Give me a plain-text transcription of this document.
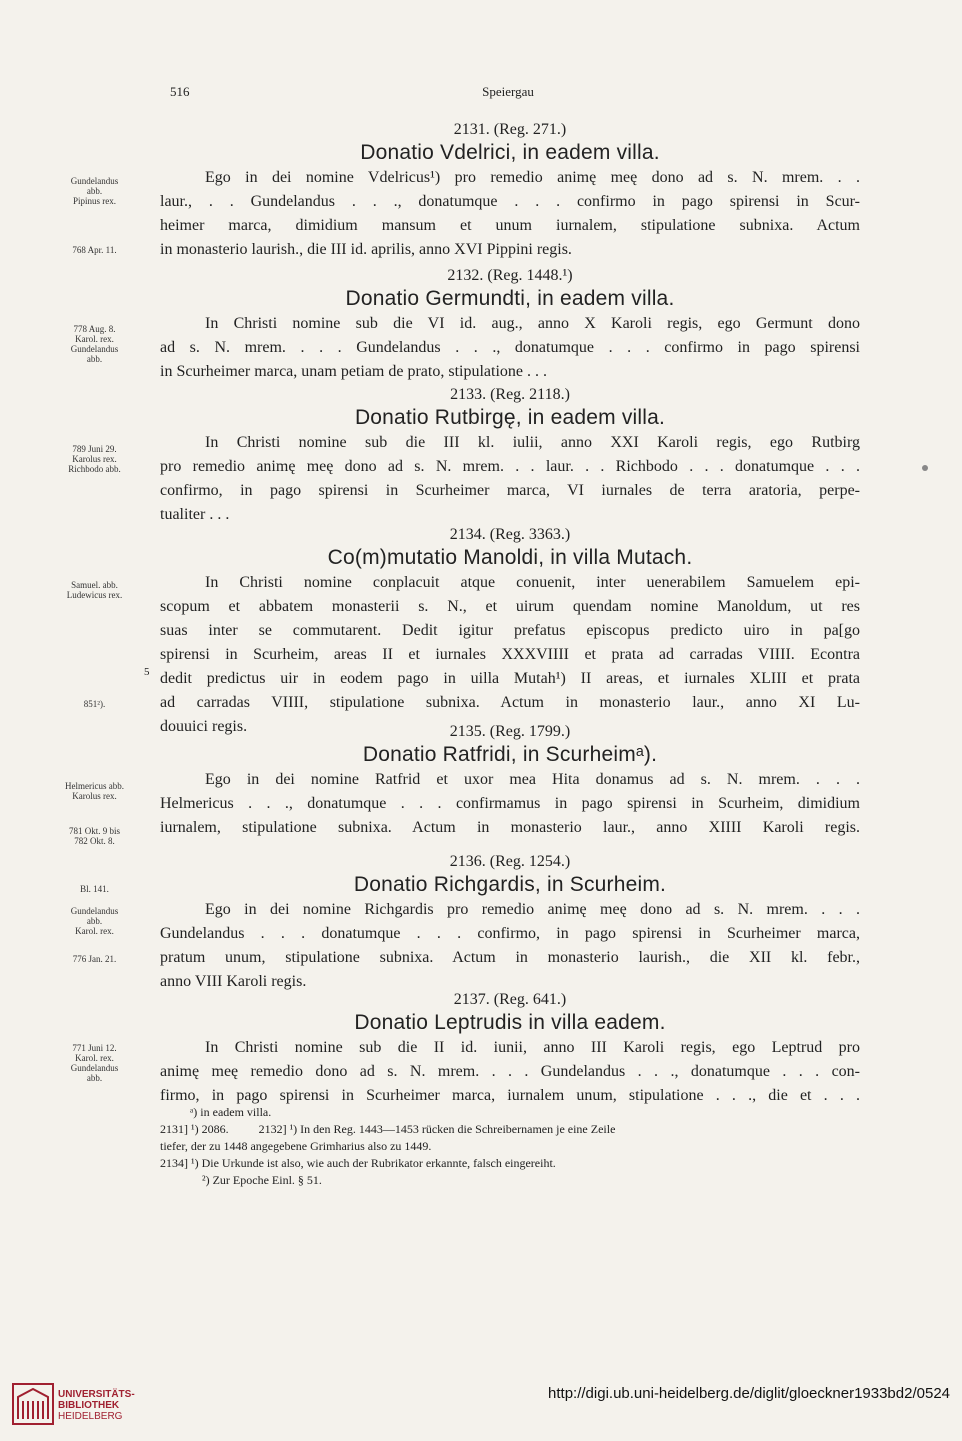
516	Speiergau
2131. (Reg. 271.)
Donatio Vdelrici, in eadem villa.
Ego in dei nomine Vdelricus¹) pro remedio animę meę dono ad s. N. mrem. . .
laur., . . Gundelandus . . ., donatumque . . . confirmo in pago spirensi in Scur-
heimer marca, dimidium mansum et unum iurnalem, stipulatione subnixa. Actum
in monasterio laurish., die III id. aprilis, anno XVI Pippini regis.
Gundelandus
abb.
Pipinus rex.
768 Apr. 11.
2132. (Reg. 1448.¹)
Donatio Germundti, in eadem villa.
In Christi nomine sub die VI id. aug., anno X Karoli regis, ego Germunt dono
ad s. N. mrem. . . . Gundelandus . . ., donatumque . . . confirmo in pago spirensi
in Scurheimer marca, unam petiam de prato, stipulatione . . .
778 Aug. 8.
Karol. rex.
Gundelandus
abb.
2133. (Reg. 2118.)
Donatio Rutbirgę, in eadem villa.
In Christi nomine sub die III kl. iulii, anno XXI Karoli regis, ego Rutbirg
pro remedio animę meę dono ad s. N. mrem. . . laur. . . Richbodo . . . donatumque . . .
confirmo, in pago spirensi in Scurheimer marca, VI iurnales de terra aratoria, perpe-
tualiter . . .
789 Juni 29.
Karolus rex.
Richbodo abb.
2134. (Reg. 3363.)
Co(m)mutatio Manoldi, in villa Mutach.
In Christi nomine conplacuit atque conuenit, inter uenerabilem Samuelem epi-
scopum et abbatem monasterii s. N., et uirum quendam nomine Manoldum, ut res
suas inter se commutarent. Dedit igitur prefatus episcopus predicto uiro in pa[go
spirensi in Scurheim, areas II et iurnales XXXVIIII et prata ad carradas VIIII. Econtra
dedit predictus uir in eodem pago in uilla Mutah¹) II areas, et iurnales XLIII et prata
ad carradas VIIII, stipulatione subnixa. Actum in monasterio laur., anno XI Lu-
douuici regis.
5
Samuel. abb.
Ludewicus rex.
851²).
2135. (Reg. 1799.)
Donatio Ratfridi, in Scurheimᵃ).
Ego in dei nomine Ratfrid et uxor mea Hita donamus ad s. N. mrem. . . .
Helmericus . . ., donatumque . . . confirmamus in pago spirensi in Scurheim, dimidium
iurnalem, stipulatione subnixa. Actum in monasterio laur., anno XIIII Karoli regis.
Helmericus abb.
Karolus rex.
781 Okt. 9 bis
782 Okt. 8.
2136. (Reg. 1254.)
Donatio Richgardis, in Scurheim.
Ego in dei nomine Richgardis pro remedio animę meę dono ad s. N. mrem. . . .
Gundelandus . . . donatumque . . . confirmo, in pago spirensi in Scurheimer marca,
pratum unum, stipulatione subnixa. Actum in monasterio laurish., die XII kl. febr.,
anno VIII Karoli regis.
Bl. 141.
Gundelandus
abb.
Karol. rex.
776 Jan. 21.
2137. (Reg. 641.)
Donatio Leptrudis in villa eadem.
In Christi nomine sub die II id. iunii, anno III Karoli regis, ego Leptrud pro
animę meę remedio dono ad s. N. mrem. . . . Gundelandus . . ., donatumque . . . con-
firmo, in pago spirensi in Scurheimer marca, iurnalem unum, stipulatione . . ., die et . . .
771 Juni 12.
Karol. rex.
Gundelandus
abb.
ᵃ) in eadem villa.
2131] ¹) 2086.          2132] ¹) In den Reg. 1443—1453 rücken die Schreibernamen je eine Zeile
tiefer, der zu 1448 angegebene Grimharius also zu 1449.
2134] ¹) Die Urkunde ist also, wie auch der Rubrikator erkannte, falsch eingereiht.
²) Zur Epoche Einl. § 51.
UNIVERSITÄTS-
BIBLIOTHEK
HEIDELBERG
http://digi.ub.uni-heidelberg.de/diglit/gloeckner1933bd2/0524
